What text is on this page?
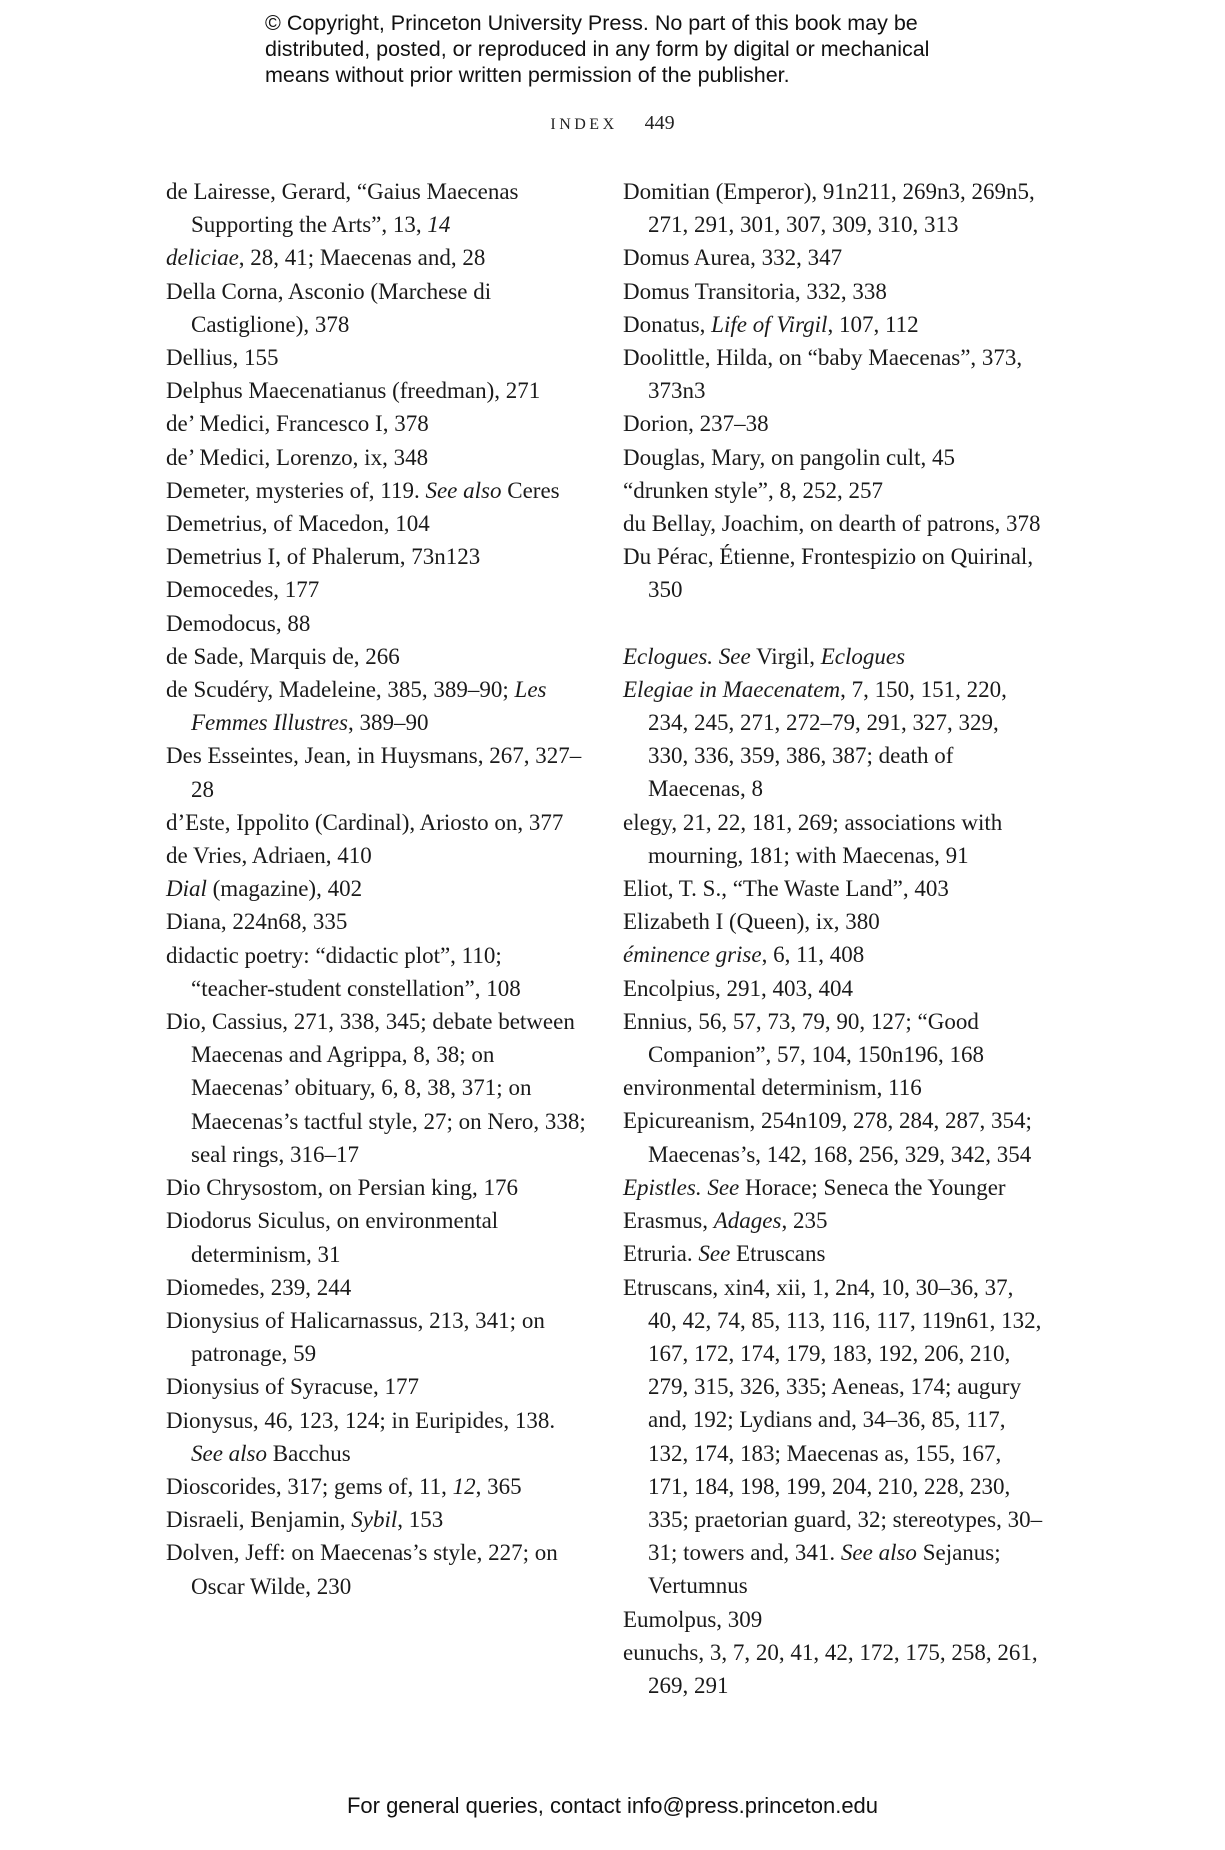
© Copyright, Princeton University Press. No part of this book may be
distributed, posted, or reproduced in any form by digital or mechanical
means without prior written permission of the publisher.
INDEX 449
de Lairesse, Gerard, “Gaius Maecenas Supporting the Arts”, 13, 14
deliciae, 28, 41; Maecenas and, 28
Della Corna, Asconio (Marchese di Castiglione), 378
Dellius, 155
Delphus Maecenatianus (freedman), 271
de’ Medici, Francesco I, 378
de’ Medici, Lorenzo, ix, 348
Demeter, mysteries of, 119. See also Ceres
Demetrius, of Macedon, 104
Demetrius I, of Phalerum, 73n123
Democedes, 177
Demodocus, 88
de Sade, Marquis de, 266
de Scudéry, Madeleine, 385, 389–90; Les Femmes Illustres, 389–90
Des Esseintes, Jean, in Huysmans, 267, 327–28
d’Este, Ippolito (Cardinal), Ariosto on, 377
de Vries, Adriaen, 410
Dial (magazine), 402
Diana, 224n68, 335
didactic poetry: “didactic plot”, 110; “teacher-student constellation”, 108
Dio, Cassius, 271, 338, 345; debate between Maecenas and Agrippa, 8, 38; on Maecenas’ obituary, 6, 8, 38, 371; on Maecenas’s tactful style, 27; on Nero, 338; seal rings, 316–17
Dio Chrysostom, on Persian king, 176
Diodorus Siculus, on environmental determinism, 31
Diomedes, 239, 244
Dionysius of Halicarnassus, 213, 341; on patronage, 59
Dionysius of Syracuse, 177
Dionysus, 46, 123, 124; in Euripides, 138. See also Bacchus
Dioscorides, 317; gems of, 11, 12, 365
Disraeli, Benjamin, Sybil, 153
Dolven, Jeff: on Maecenas’s style, 227; on Oscar Wilde, 230
Domitian (Emperor), 91n211, 269n3, 269n5, 271, 291, 301, 307, 309, 310, 313
Domus Aurea, 332, 347
Domus Transitoria, 332, 338
Donatus, Life of Virgil, 107, 112
Doolittle, Hilda, on “baby Maecenas”, 373, 373n3
Dorion, 237–38
Douglas, Mary, on pangolin cult, 45
“drunken style”, 8, 252, 257
du Bellay, Joachim, on dearth of patrons, 378
Du Pérac, Étienne, Frontespizio on Quirinal, 350
Eclogues. See Virgil, Eclogues
Elegiae in Maecenatem, 7, 150, 151, 220, 234, 245, 271, 272–79, 291, 327, 329, 330, 336, 359, 386, 387; death of Maecenas, 8
elegy, 21, 22, 181, 269; associations with mourning, 181; with Maecenas, 91
Eliot, T. S., “The Waste Land”, 403
Elizabeth I (Queen), ix, 380
éminence grise, 6, 11, 408
Encolpius, 291, 403, 404
Ennius, 56, 57, 73, 79, 90, 127; “Good Companion”, 57, 104, 150n196, 168
environmental determinism, 116
Epicureanism, 254n109, 278, 284, 287, 354; Maecenas’s, 142, 168, 256, 329, 342, 354
Epistles. See Horace; Seneca the Younger
Erasmus, Adages, 235
Etruria. See Etruscans
Etruscans, xin4, xii, 1, 2n4, 10, 30–36, 37, 40, 42, 74, 85, 113, 116, 117, 119n61, 132, 167, 172, 174, 179, 183, 192, 206, 210, 279, 315, 326, 335; Aeneas, 174; augury and, 192; Lydians and, 34–36, 85, 117, 132, 174, 183; Maecenas as, 155, 167, 171, 184, 198, 199, 204, 210, 228, 230, 335; praetorian guard, 32; stereotypes, 30–31; towers and, 341. See also Sejanus; Vertumnus
Eumolpus, 309
eunuchs, 3, 7, 20, 41, 42, 172, 175, 258, 261, 269, 291
For general queries, contact info@press.princeton.edu
